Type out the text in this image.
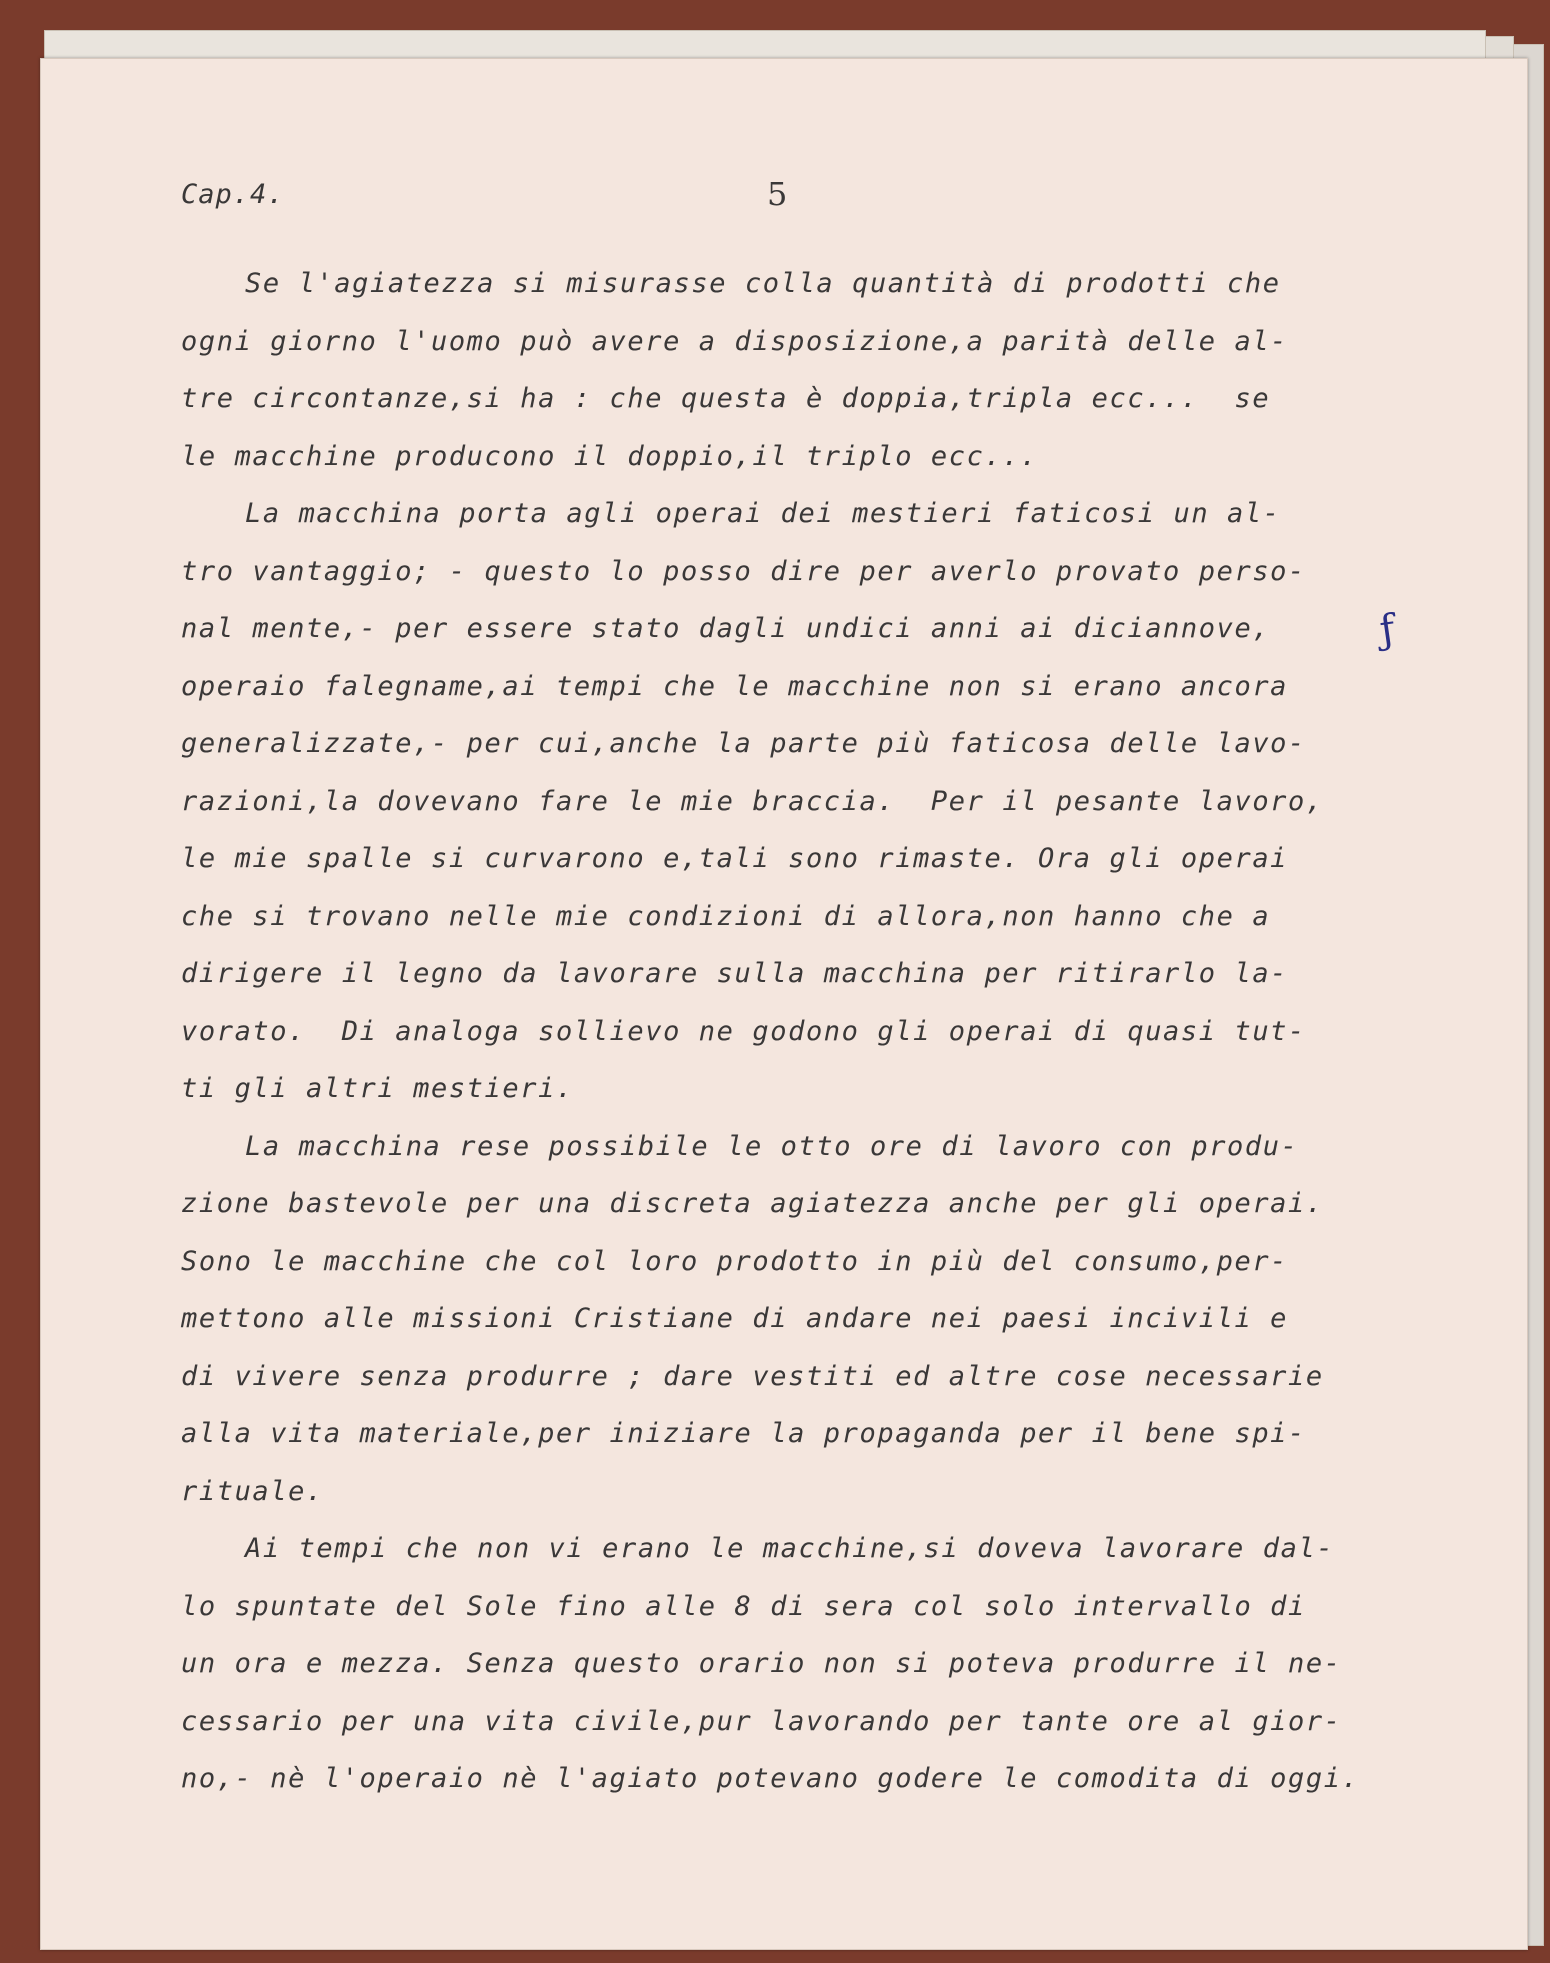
Cap.4.	5
ƒ
Se l'agiatezza si misurasse colla quantità di prodotti che
ogni giorno l'uomo può avere a disposizione,a parità delle al-
tre circontanze,si ha : che questa è doppia,tripla ecc...  se
le macchine producono il doppio,il triplo ecc...
La macchina porta agli operai dei mestieri faticosi un al-
tro vantaggio; - questo lo posso dire per averlo provato perso-
nal mente,- per essere stato dagli undici anni ai diciannove,
operaio falegname,ai tempi che le macchine non si erano ancora
generalizzate,- per cui,anche la parte più faticosa delle lavo-
razioni,la dovevano fare le mie braccia.  Per il pesante lavoro,
le mie spalle si curvarono e,tali sono rimaste. Ora gli operai
che si trovano nelle mie condizioni di allora,non hanno che a
dirigere il legno da lavorare sulla macchina per ritirarlo la-
vorato.  Di analoga sollievo ne godono gli operai di quasi tut-
ti gli altri mestieri.
La macchina rese possibile le otto ore di lavoro con produ-
zione bastevole per una discreta agiatezza anche per gli operai.
Sono le macchine che col loro prodotto in più del consumo,per-
mettono alle missioni Cristiane di andare nei paesi incivili e
di vivere senza produrre ; dare vestiti ed altre cose necessarie
alla vita materiale,per iniziare la propaganda per il bene spi-
rituale.
Ai tempi che non vi erano le macchine,si doveva lavorare dal-
lo spuntate del Sole fino alle 8 di sera col solo intervallo di
un ora e mezza. Senza questo orario non si poteva produrre il ne-
cessario per una vita civile,pur lavorando per tante ore al gior-
no,- nè l'operaio nè l'agiato potevano godere le comodita di oggi.
